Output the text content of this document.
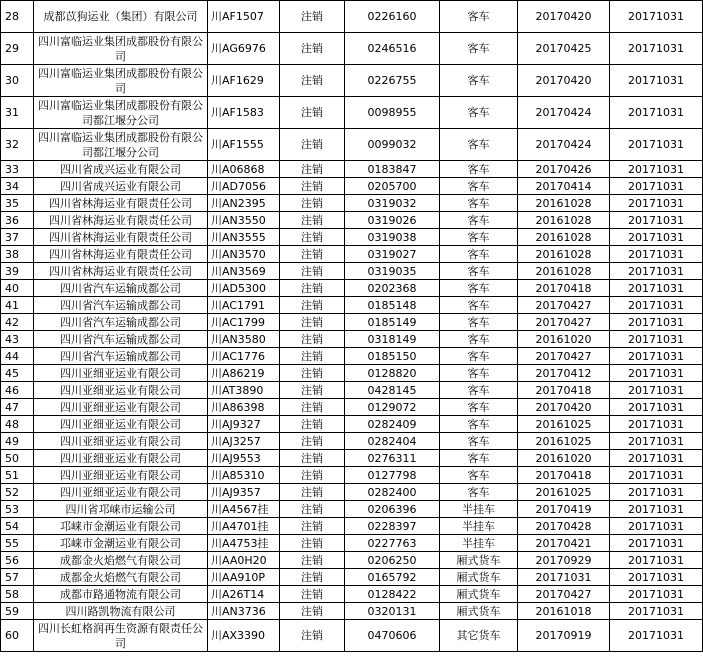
28	成都苡狗运业（集团）有限公司	川AF1507	注销	0226160	客车	20170420	20171031
29	四川富临运业集团成都股份有限公司	川AG6976	注销	0246516	客车	20170425	20171031
30	四川富临运业集团成都股份有限公司	川AF1629	注销	0226755	客车	20170420	20171031
31	四川富临运业集团成都股份有限公司都江堰分公司	川AF1583	注销	0098955	客车	20170424	20171031
32	四川富临运业集团成都股份有限公司都江堰分公司	川AF1555	注销	0099032	客车	20170424	20171031
33	四川省成兴运业有限公司	川A06868	注销	0183847	客车	20170426	20171031
34	四川省成兴运业有限公司	川AD7056	注销	0205700	客车	20170414	20171031
35	四川省林海运业有限责任公司	川AN2395	注销	0319032	客车	20161028	20171031
36	四川省林海运业有限责任公司	川AN3550	注销	0319026	客车	20161028	20171031
37	四川省林海运业有限责任公司	川AN3555	注销	0319038	客车	20161028	20171031
38	四川省林海运业有限责任公司	川AN3570	注销	0319027	客车	20161028	20171031
39	四川省林海运业有限责任公司	川AN3569	注销	0319035	客车	20161028	20171031
40	四川省汽车运输成都公司	川AD5300	注销	0202368	客车	20170418	20171031
41	四川省汽车运输成都公司	川AC1791	注销	0185148	客车	20170427	20171031
42	四川省汽车运输成都公司	川AC1799	注销	0185149	客车	20170427	20171031
43	四川省汽车运输成都公司	川AN3580	注销	0318149	客车	20161020	20171031
44	四川省汽车运输成都公司	川AC1776	注销	0185150	客车	20170427	20171031
45	四川亚细亚运业有限公司	川A86219	注销	0128820	客车	20170412	20171031
46	四川亚细亚运业有限公司	川AT3890	注销	0428145	客车	20170418	20171031
47	四川亚细亚运业有限公司	川A86398	注销	0129072	客车	20170420	20171031
48	四川亚细亚运业有限公司	川AJ9327	注销	0282409	客车	20161025	20171031
49	四川亚细亚运业有限公司	川AJ3257	注销	0282404	客车	20161025	20171031
50	四川亚细亚运业有限公司	川AJ9553	注销	0276311	客车	20161020	20171031
51	四川亚细亚运业有限公司	川A85310	注销	0127798	客车	20170418	20171031
52	四川亚细亚运业有限公司	川AJ9357	注销	0282400	客车	20161025	20171031
53	四川省邛崃市运输公司	川A4567挂	注销	0206396	半挂车	20170419	20171031
54	邛崃市金潮运业有限公司	川A4701挂	注销	0228397	半挂车	20170428	20171031
55	邛崃市金潮运业有限公司	川A4753挂	注销	0227763	半挂车	20170421	20171031
56	成都金火焰燃气有限公司	川AA0H20	注销	0206250	厢式货车	20170929	20171031
57	成都金火焰燃气有限公司	川AA910P	注销	0165792	厢式货车	20171031	20171031
58	成都市路通物流有限公司	川A26T14	注销	0128422	厢式货车	20170427	20171031
59	四川路凯物流有限公司	川AN3736	注销	0320131	厢式货车	20161018	20171031
60	四川长虹格润再生资源有限责任公司	川AX3390	注销	0470606	其它货车	20170919	20171031
